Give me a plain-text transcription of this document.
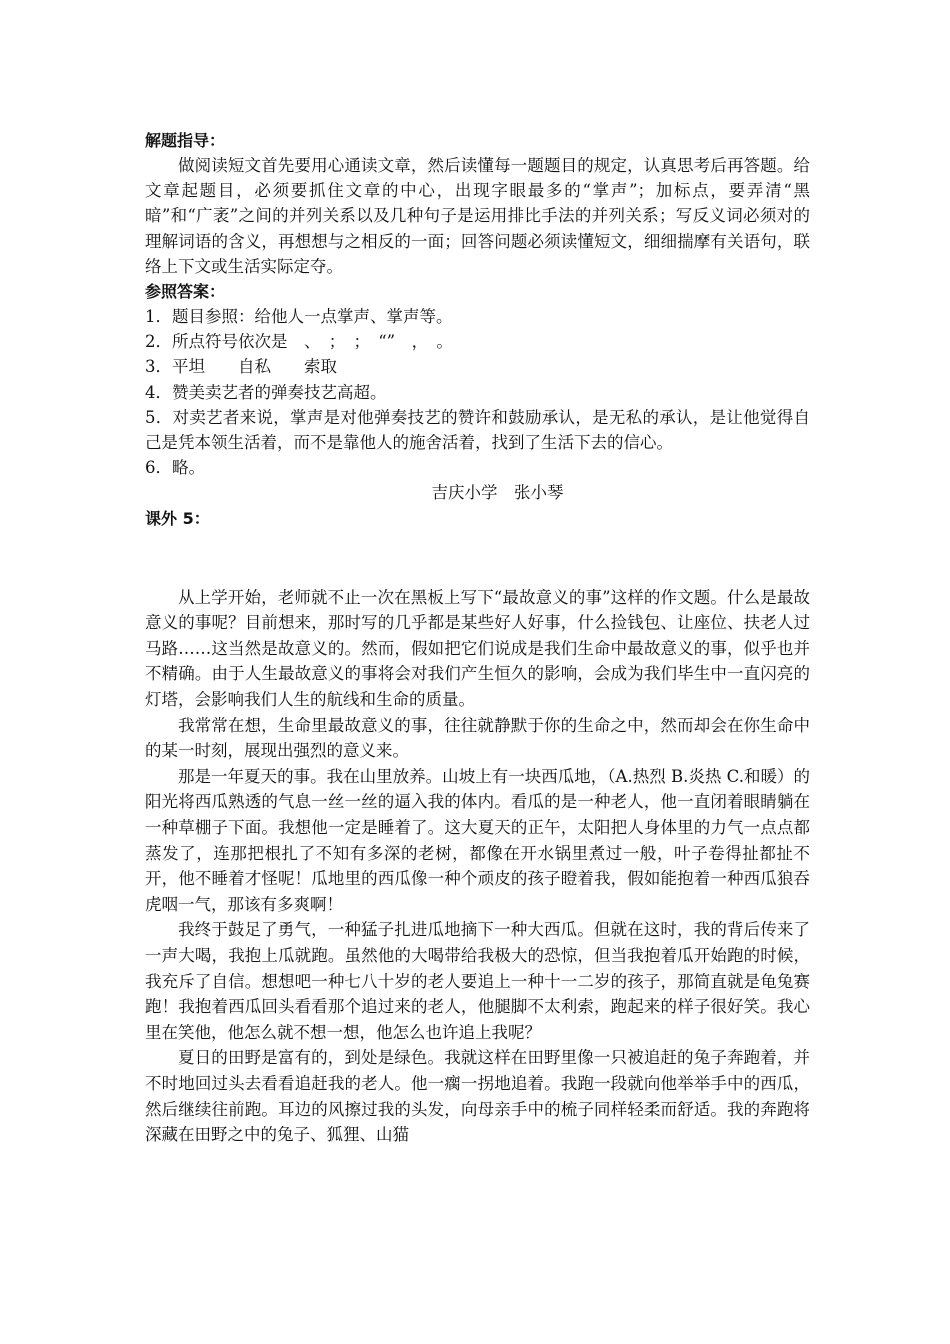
解题指导：

做阅读短文首先要用心通读文章，然后读懂每一题题目的规定，认真思考后再答题。给文章起题目，必须要抓住文章的中心，出现字眼最多的“掌声”；加标点，要弄清“黑暗”和“广袤”之间的并列关系以及几种句子是运用排比手法的并列关系；写反义词必须对的理解词语的含义，再想想与之相反的一面；回答问题必须读懂短文，细细揣摩有关语句，联络上下文或生活实际定夺。

参照答案：

1．题目参照：给他人一点掌声、掌声等。

2．所点符号依次是　、　；　；　“”　，　。

3．平坦　　自私　　索取

4．赞美卖艺者的弹奏技艺高超。

5．对卖艺者来说，掌声是对他弹奏技艺的赞许和鼓励承认，是无私的承认，是让他觉得自己是凭本领生活着，而不是靠他人的施舍活着，找到了生活下去的信心。

6．略。

吉庆小学　张小琴

课外 5：

从上学开始，老师就不止一次在黑板上写下“最故意义的事”这样的作文题。什么是最故意义的事呢？目前想来，那时写的几乎都是某些好人好事，什么捡钱包、让座位、扶老人过马路……这当然是故意义的。然而，假如把它们说成是我们生命中最故意义的事，似乎也并不精确。由于人生最故意义的事将会对我们产生恒久的影响，会成为我们毕生中一直闪亮的灯塔，会影响我们人生的航线和生命的质量。

我常常在想，生命里最故意义的事，往往就静默于你的生命之中，然而却会在你生命中的某一时刻，展现出强烈的意义来。

那是一年夏天的事。我在山里放养。山坡上有一块西瓜地，（A.热烈 B.炎热 C.和暖）的阳光将西瓜熟透的气息一丝一丝的逼入我的体内。看瓜的是一种老人，他一直闭着眼睛躺在一种草棚子下面。我想他一定是睡着了。这大夏天的正午，太阳把人身体里的力气一点点都蒸发了，连那把根扎了不知有多深的老树，都像在开水锅里煮过一般，叶子卷得扯都扯不开，他不睡着才怪呢！瓜地里的西瓜像一种个顽皮的孩子瞪着我，假如能抱着一种西瓜狼吞虎咽一气，那该有多爽啊！

我终于鼓足了勇气，一种猛子扎进瓜地摘下一种大西瓜。但就在这时，我的背后传来了一声大喝，我抱上瓜就跑。虽然他的大喝带给我极大的恐惊，但当我抱着瓜开始跑的时候，我充斥了自信。想想吧一种七八十岁的老人要追上一种十一二岁的孩子，那简直就是龟兔赛跑！我抱着西瓜回头看看那个追过来的老人，他腿脚不太利索，跑起来的样子很好笑。我心里在笑他，他怎么就不想一想，他怎么也许追上我呢？

夏日的田野是富有的，到处是绿色。我就这样在田野里像一只被追赶的兔子奔跑着，并不时地回过头去看看追赶我的老人。他一瘸一拐地追着。我跑一段就向他举举手中的西瓜，然后继续往前跑。耳边的风擦过我的头发，向母亲手中的梳子同样轻柔而舒适。我的奔跑将深藏在田野之中的兔子、狐狸、山猫
